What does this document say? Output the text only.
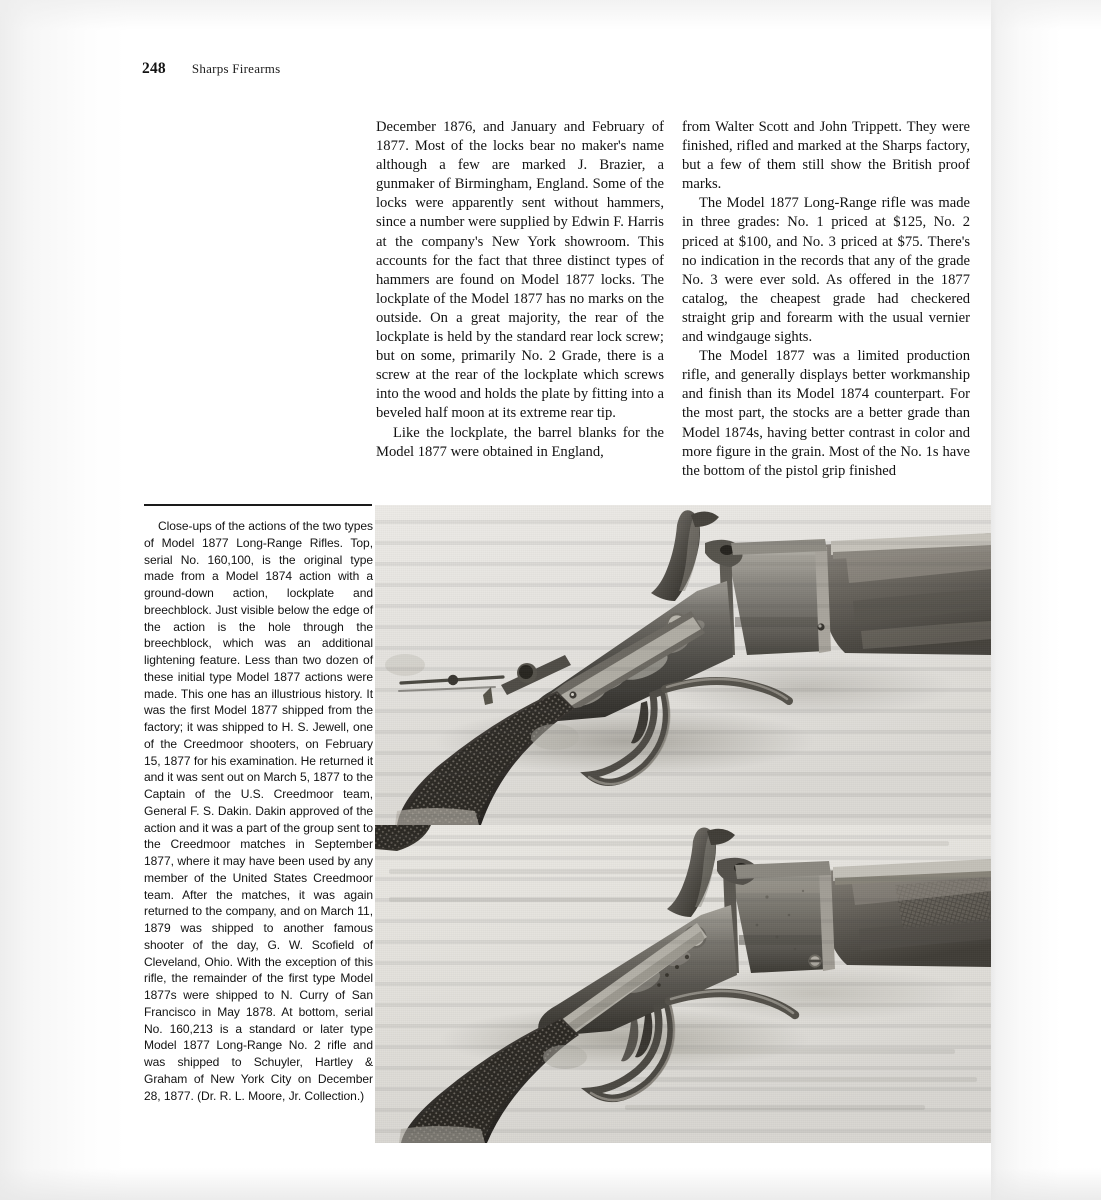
248 Sharps Firearms

December 1876, and January and February of 1877. Most of the locks bear no maker's name although a few are marked J. Brazier, a gunmaker of Birmingham, England. Some of the locks were apparently sent without hammers, since a number were supplied by Edwin F. Harris at the company's New York showroom. This accounts for the fact that three distinct types of hammers are found on Model 1877 locks. The lockplate of the Model 1877 has no marks on the outside. On a great majority, the rear of the lockplate is held by the standard rear lock screw; but on some, primarily No. 2 Grade, there is a screw at the rear of the lockplate which screws into the wood and holds the plate by fitting into a beveled half moon at its extreme rear tip.

Like the lockplate, the barrel blanks for the Model 1877 were obtained in England,

from Walter Scott and John Trippett. They were finished, rifled and marked at the Sharps factory, but a few of them still show the British proof marks.

The Model 1877 Long-Range rifle was made in three grades: No. 1 priced at $125, No. 2 priced at $100, and No. 3 priced at $75. There's no indication in the records that any of the grade No. 3 were ever sold. As offered in the 1877 catalog, the cheapest grade had checkered straight grip and forearm with the usual vernier and windgauge sights.

The Model 1877 was a limited production rifle, and generally displays better workmanship and finish than its Model 1874 counterpart. For the most part, the stocks are a better grade than Model 1874s, having better contrast in color and more figure in the grain. Most of the No. 1s have the bottom of the pistol grip finished

Close-ups of the actions of the two types of Model 1877 Long-Range Rifles. Top, serial No. 160,100, is the original type made from a Model 1874 action with a ground-down action, lockplate and breechblock. Just visible below the edge of the action is the hole through the breechblock, which was an additional lightening feature. Less than two dozen of these initial type Model 1877 actions were made. This one has an illustrious history. It was the first Model 1877 shipped from the factory; it was shipped to H. S. Jewell, one of the Creedmoor shooters, on February 15, 1877 for his examination. He returned it and it was sent out on March 5, 1877 to the Captain of the U.S. Creedmoor team, General F. S. Dakin. Dakin approved of the action and it was a part of the group sent to the Creedmoor matches in September 1877, where it may have been used by any member of the United States Creedmoor team. After the matches, it was again returned to the company, and on March 11, 1879 was shipped to another famous shooter of the day, G. W. Scofield of Cleveland, Ohio. With the exception of this rifle, the remainder of the first type Model 1877s were shipped to N. Curry of San Francisco in May 1878. At bottom, serial No. 160,213 is a standard or later type Model 1877 Long-Range No. 2 rifle and was shipped to Schuyler, Hartley & Graham of New York City on December 28, 1877. (Dr. R. L. Moore, Jr. Collection.)
